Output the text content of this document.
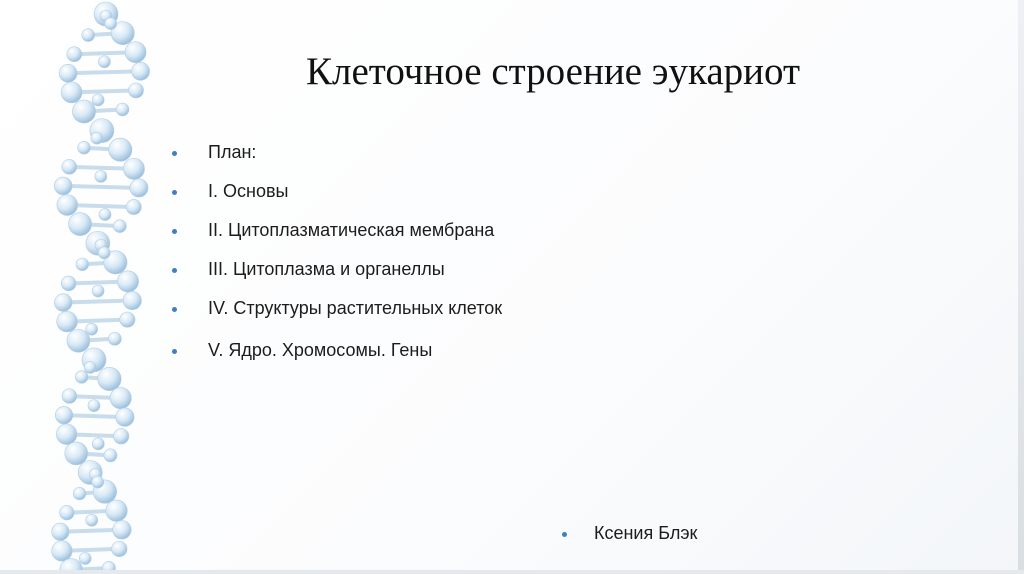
Клеточное строение эукариот
План:
I. Основы
II. Цитоплазматическая мембрана
III. Цитоплазма и органеллы
IV. Структуры растительных клеток
V. Ядро. Хромосомы. Гены
Ксения Блэк
